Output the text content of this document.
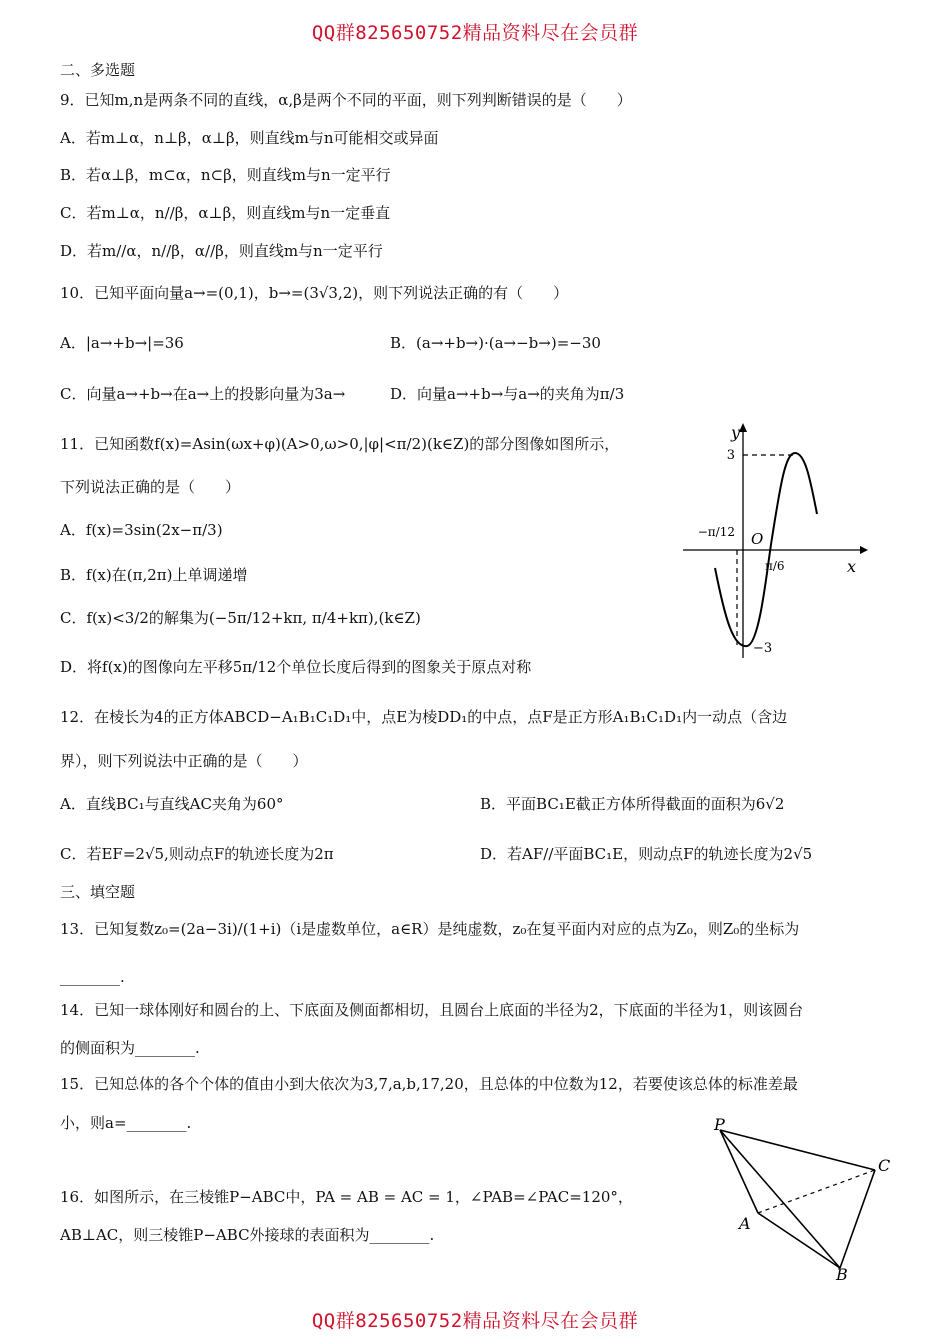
QQ群825650752精品资料尽在会员群
二、多选题
9．已知m,n是两条不同的直线，α,β是两个不同的平面，则下列判断错误的是（　　）
A．若m⊥α，n⊥β，α⊥β，则直线m与n可能相交或异面
B．若α⊥β，m⊂α，n⊂β，则直线m与n一定平行
C．若m⊥α，n//β，α⊥β，则直线m与n一定垂直
D．若m//α，n//β，α//β，则直线m与n一定平行
10．已知平面向量a→=(0,1)，b→=(3√3,2)，则下列说法正确的有（　　）
A．|a→+b→|=36	B．(a→+b→)·(a→−b→)=−30
C．向量a→+b→在a→上的投影向量为3a→	D．向量a→+b→与a→的夹角为π/3
11．已知函数f(x)=Asin(ωx+φ)(A>0,ω>0,|φ|<π/2)(k∈Z)的部分图像如图所示，
下列说法正确的是（　　）
A．f(x)=3sin(2x−π/3)
B．f(x)在(π,2π)上单调递增
C．f(x)<3/2的解集为(−5π/12+kπ, π/4+kπ),(k∈Z)
D．将f(x)的图像向左平移5π/12个单位长度后得到的图象关于原点对称
y
x
O
3
−3
−π/12
π/6
12．在棱长为4的正方体ABCD−A₁B₁C₁D₁中，点E为棱DD₁的中点，点F是正方形A₁B₁C₁D₁内一动点（含边
界），则下列说法中正确的是（　　）
A．直线BC₁与直线AC夹角为60°	B．平面BC₁E截正方体所得截面的面积为6√2
C．若EF=2√5,则动点F的轨迹长度为2π	D．若AF//平面BC₁E，则动点F的轨迹长度为2√5
三、填空题
13．已知复数z₀=(2a−3i)/(1+i)（i是虚数单位，a∈R）是纯虚数，z₀在复平面内对应的点为Z₀，则Z₀的坐标为
________.
14．已知一球体刚好和圆台的上、下底面及侧面都相切，且圆台上底面的半径为2，下底面的半径为1，则该圆台
的侧面积为________.
15．已知总体的各个个体的值由小到大依次为3,7,a,b,17,20，且总体的中位数为12，若要使该总体的标准差最
小，则a=________.
16．如图所示，在三棱锥P−ABC中，PA = AB = AC = 1，∠PAB=∠PAC=120°，
AB⊥AC，则三棱锥P−ABC外接球的表面积为________.
P
C
A
B
QQ群825650752精品资料尽在会员群
